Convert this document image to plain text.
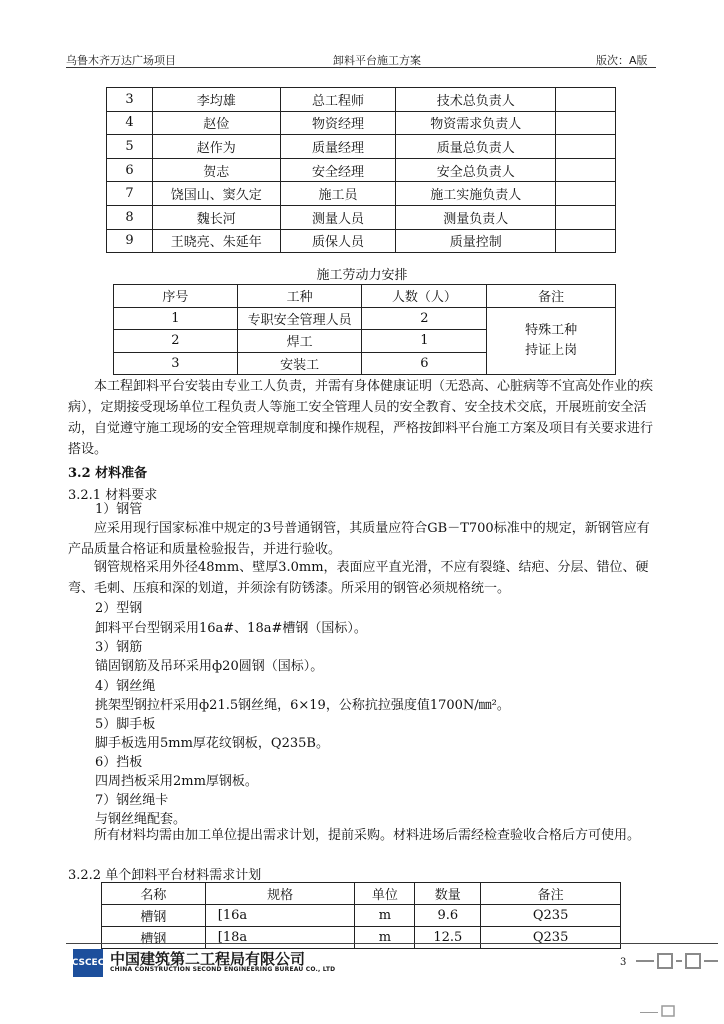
乌鲁木齐万达广场项目	卸料平台施工方案	版次：A版
3	李均雄	总工程师	技术总负责人	
4	赵俭	物资经理	物资需求负责人	
5	赵作为	质量经理	质量总负责人	
6	贺志	安全经理	安全总负责人	
7	饶国山、窦久定	施工员	施工实施负责人	
8	魏长河	测量人员	测量负责人	
9	王晓亮、朱延年	质保人员	质量控制	
施工劳动力安排
序号	工种	人数（人）	备注
1	专职安全管理人员	2	特殊工种
持证上岗

2	焊工	1	
3	安装工	6	

本工程卸料平台安装由专业工人负责，并需有身体健康证明（无恐高、心脏病等不宜高处作业的疾病），定期接受现场单位工程负责人等施工安全管理人员的安全教育、安全技术交底，开展班前安全活动，自觉遵守施工现场的安全管理规章制度和操作规程，严格按卸料平台施工方案及项目有关要求进行搭设。

3.2 材料准备
3.2.1 材料要求
1）钢管

应采用现行国家标准中规定的3号普通钢管，其质量应符合GB－T700标准中的规定，新钢管应有产品质量合格证和质量检验报告，并进行验收。

钢管规格采用外径48mm、壁厚3.0mm，表面应平直光滑，不应有裂缝、结疤、分层、错位、硬弯、毛刺、压痕和深的划道，并须涂有防锈漆。所采用的钢管必须规格统一。

2）型钢
卸料平台型钢采用16a#、18a#槽钢（国标）。
3）钢筋
锚固钢筋及吊环采用ф20圆钢（国标）。
4）钢丝绳
挑架型钢拉杆采用ф21.5钢丝绳，6×19，公称抗拉强度值1700N/㎜²。
5）脚手板
脚手板选用5mm厚花纹钢板，Q235B。
6）挡板
四周挡板采用2mm厚钢板。
7）钢丝绳卡
与钢丝绳配套。

所有材料均需由加工单位提出需求计划，提前采购。材料进场后需经检查验收合格后方可使用。

3.2.2 单个卸料平台材料需求计划
名称	规格	单位	数量	备注
槽钢	[16a	m	9.6	Q235
槽钢	[18a	m	12.5	Q235
CSCEC 中国建筑第二工程局有限公司
CHINA CONSTRUCTION SECOND ENGINEERING BUREAU CO., LTD
3
